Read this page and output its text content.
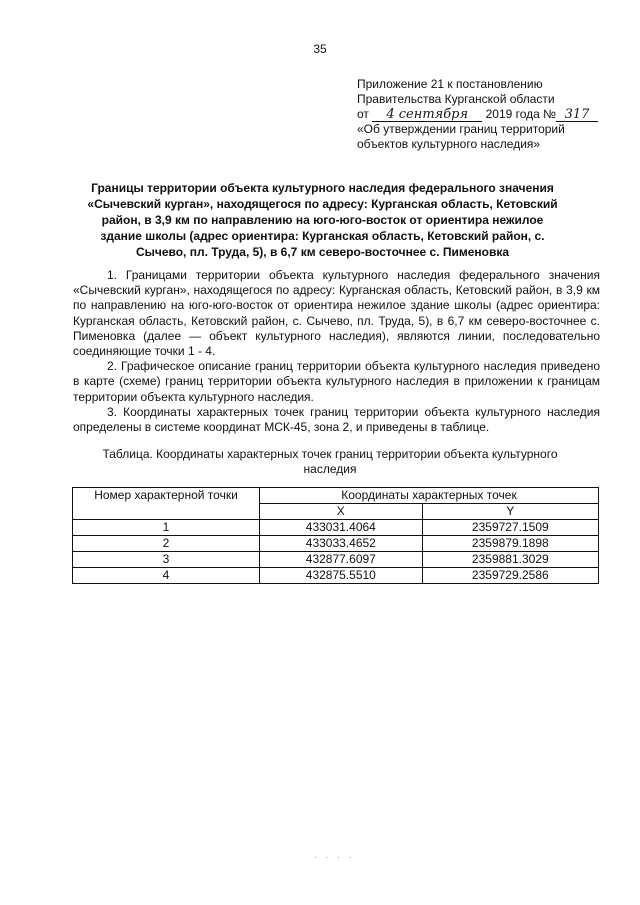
35
Приложение 21 к постановлению
Правительства Курганской области
от 4 сентября 2019 года № 317
«Об утверждении границ территорий
объектов культурного наследия»
Границы территории объекта культурного наследия федерального значения «Сычевский курган», находящегося по адресу: Курганская область, Кетовский район, в 3,9 км по направлению на юго-юго-восток от ориентира нежилое здание школы (адрес ориентира: Курганская область, Кетовский район, с. Сычево, пл. Труда, 5), в 6,7 км северо-восточнее с. Пименовка

1. Границами территории объекта культурного наследия федерального значения «Сычевский курган», находящегося по адресу: Курганская область, Кетовский район, в 3,9 км по направлению на юго-юго-восток от ориентира нежилое здание школы (адрес ориентира: Курганская область, Кетовский район, с. Сычево, пл. Труда, 5), в 6,7 км северо-восточнее с. Пименовка (далее — объект культурного наследия), являются линии, последовательно соединяющие точки 1 - 4.

2. Графическое описание границ территории объекта культурного наследия приведено в карте (схеме) границ территории объекта культурного наследия в приложении к границам территории объекта культурного наследия.

3. Координаты характерных точек границ территории объекта культурного наследия определены в системе координат МСК-45, зона 2, и приведены в таблице.

Таблица. Координаты характерных точек границ территории объекта культурного наследия
Номер характерной точки	Координаты характерных точек	
	X	Y
1	433031.4064	2359727.1509
2	433033.4652	2359879.1898
3	432877.6097	2359881.3029
4	432875.5510	2359729.2586
· · · ·
